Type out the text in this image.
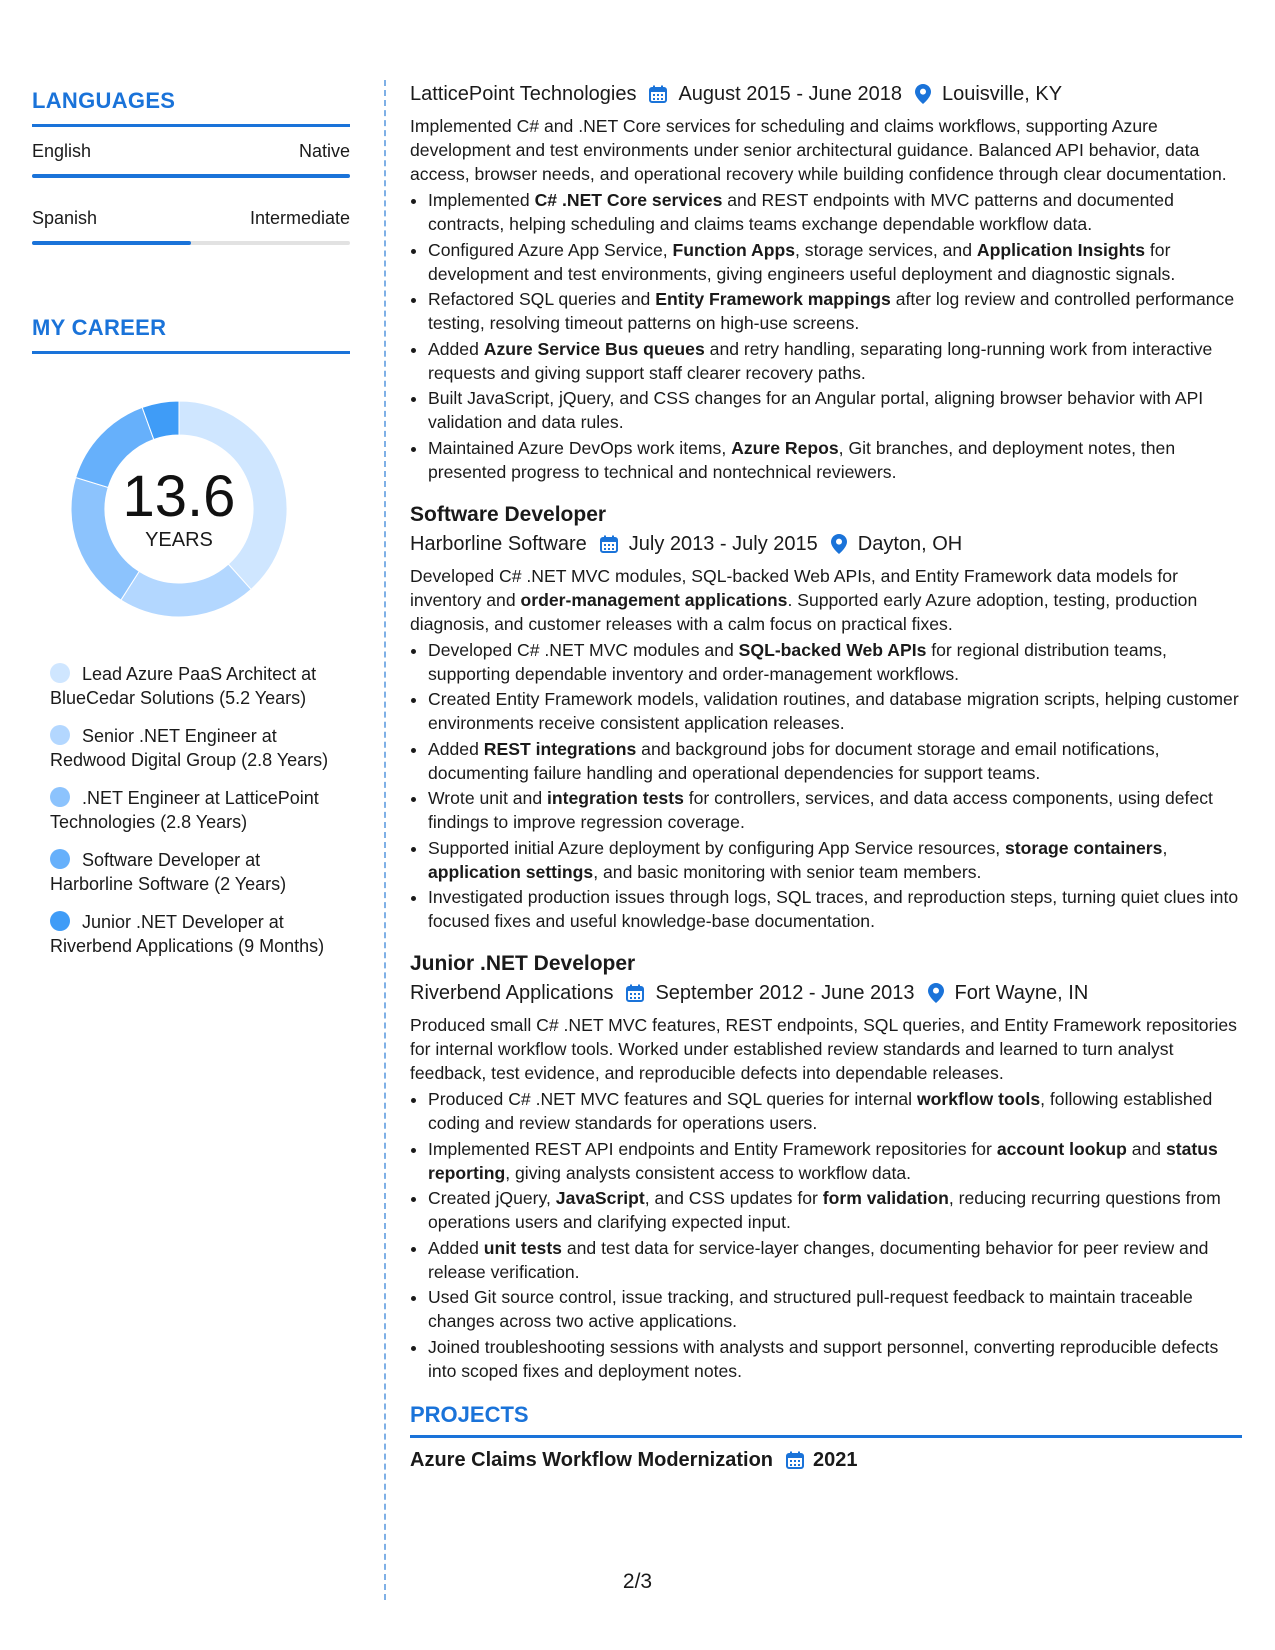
LANGUAGES
English	Native
Spanish	Intermediate
MY CAREER
13.6
YEARS
Lead Azure PaaS Architect at BlueCedar Solutions (5.2 Years)
Senior .NET Engineer at Redwood Digital Group (2.8 Years)
.NET Engineer at LatticePoint Technologies (2.8 Years)
Software Developer at Harborline Software (2 Years)
Junior .NET Developer at Riverbend Applications (9 Months)
LatticePoint Technologies August 2015 - June 2018 Louisville, KY

Implemented C# and .NET Core services for scheduling and claims workflows, supporting Azure development and test environments under senior architectural guidance. Balanced API behavior, data access, browser needs, and operational recovery while building confidence through clear documentation.

• Implemented C# .NET Core services and REST endpoints with MVC patterns and documented contracts, helping scheduling and claims teams exchange dependable workflow data.
• Configured Azure App Service, Function Apps, storage services, and Application Insights for development and test environments, giving engineers useful deployment and diagnostic signals.
• Refactored SQL queries and Entity Framework mappings after log review and controlled performance testing, resolving timeout patterns on high-use screens.
• Added Azure Service Bus queues and retry handling, separating long-running work from interactive requests and giving support staff clearer recovery paths.
• Built JavaScript, jQuery, and CSS changes for an Angular portal, aligning browser behavior with API validation and data rules.
• Maintained Azure DevOps work items, Azure Repos, Git branches, and deployment notes, then presented progress to technical and nontechnical reviewers.
Software Developer
Harborline Software July 2013 - July 2015 Dayton, OH

Developed C# .NET MVC modules, SQL-backed Web APIs, and Entity Framework data models for inventory and order-management applications. Supported early Azure adoption, testing, production diagnosis, and customer releases with a calm focus on practical fixes.

• Developed C# .NET MVC modules and SQL-backed Web APIs for regional distribution teams, supporting dependable inventory and order-management workflows.
• Created Entity Framework models, validation routines, and database migration scripts, helping customer environments receive consistent application releases.
• Added REST integrations and background jobs for document storage and email notifications, documenting failure handling and operational dependencies for support teams.
• Wrote unit and integration tests for controllers, services, and data access components, using defect findings to improve regression coverage.
• Supported initial Azure deployment by configuring App Service resources, storage containers, application settings, and basic monitoring with senior team members.
• Investigated production issues through logs, SQL traces, and reproduction steps, turning quiet clues into focused fixes and useful knowledge-base documentation.
Junior .NET Developer
Riverbend Applications September 2012 - June 2013 Fort Wayne, IN

Produced small C# .NET MVC features, REST endpoints, SQL queries, and Entity Framework repositories for internal workflow tools. Worked under established review standards and learned to turn analyst feedback, test evidence, and reproducible defects into dependable releases.

• Produced C# .NET MVC features and SQL queries for internal workflow tools, following established coding and review standards for operations users.
• Implemented REST API endpoints and Entity Framework repositories for account lookup and status reporting, giving analysts consistent access to workflow data.
• Created jQuery, JavaScript, and CSS updates for form validation, reducing recurring questions from operations users and clarifying expected input.
• Added unit tests and test data for service-layer changes, documenting behavior for peer review and release verification.
• Used Git source control, issue tracking, and structured pull-request feedback to maintain traceable changes across two active applications.
• Joined troubleshooting sessions with analysts and support personnel, converting reproducible defects into scoped fixes and deployment notes.
PROJECTS
Azure Claims Workflow Modernization 2021
2/3
